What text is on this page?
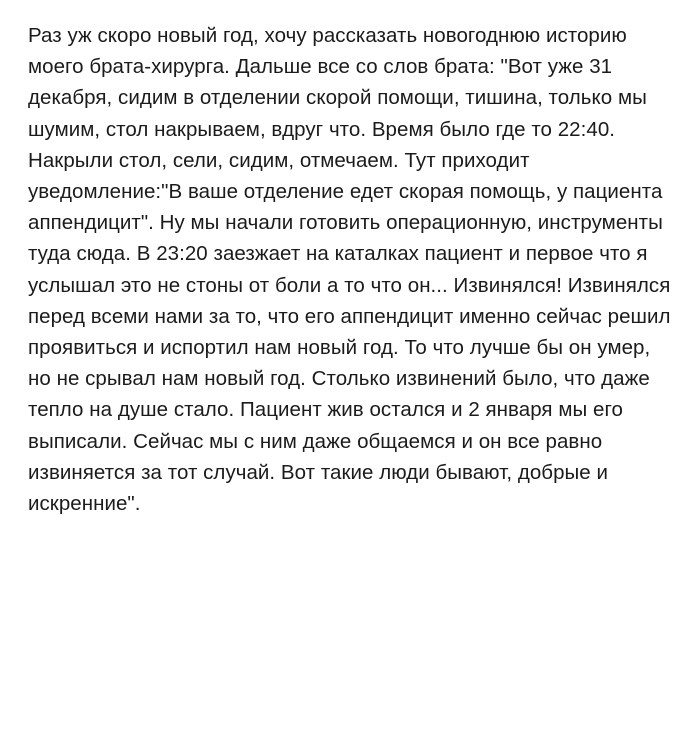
Раз уж скоро новый год, хочу рассказать новогоднюю историю моего брата-хирурга. Дальше все со слов брата: "Вот уже 31 декабря, сидим в отделении скорой помощи, тишина, только мы шумим, стол накрываем, вдруг что. Время было где то 22:40. Накрыли стол, сели, сидим, отмечаем. Тут приходит уведомление:"В ваше отделение едет скорая помощь, у пациента аппендицит". Ну мы начали готовить операционную, инструменты туда сюда. В 23:20 заезжает на каталках пациент и первое что я услышал это не стоны от боли а то что он... Извинялся! Извинялся перед всеми нами за то, что его аппендицит именно сейчас решил проявиться и испортил нам новый год. То что лучше бы он умер, но не срывал нам новый год. Столько извинений было, что даже тепло на душе стало. Пациент жив остался и 2 января мы его выписали. Сейчас мы с ним даже общаемся и он все равно извиняется за тот случай. Вот такие люди бывают, добрые и искренние".
